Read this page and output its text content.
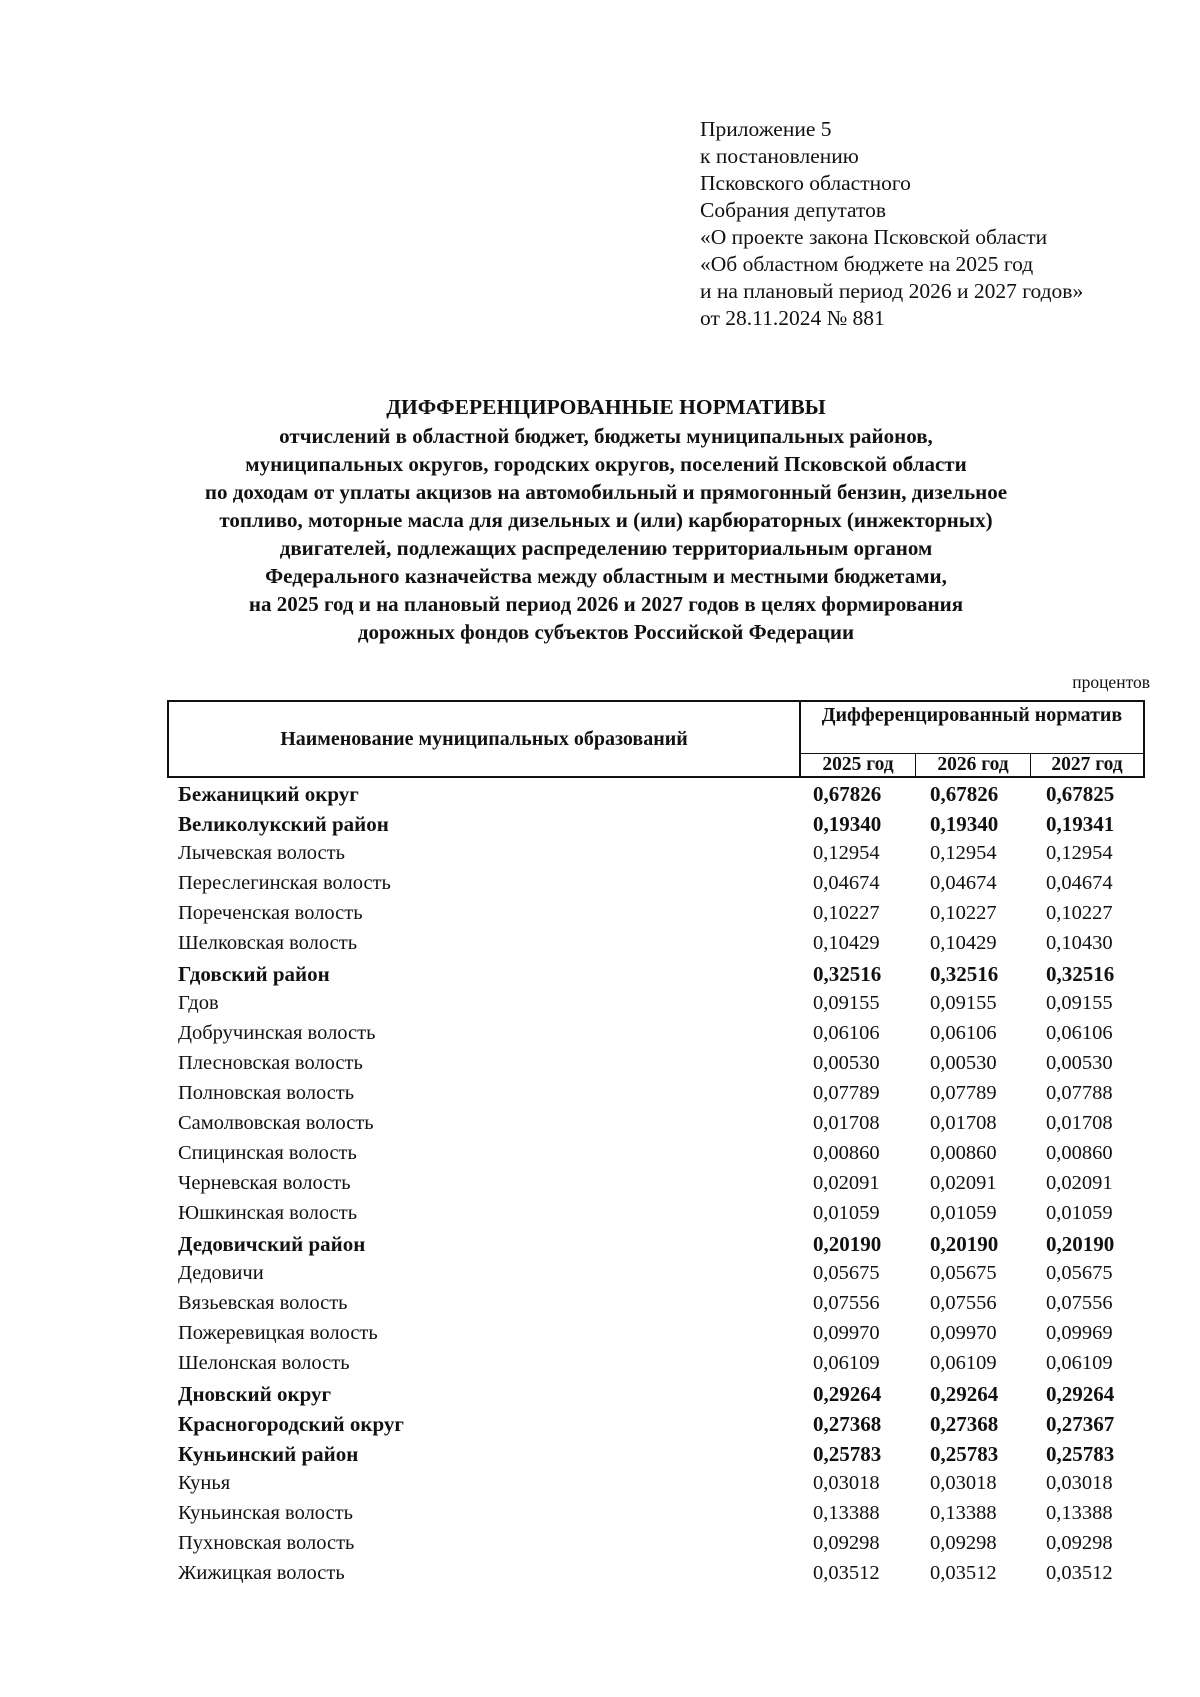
Приложение 5
к постановлению
Псковского областного
Собрания депутатов
«О проекте закона Псковской области
«Об областном бюджете на 2025 год
и на плановый период 2026 и 2027 годов»
от 28.11.2024 № 881
ДИФФЕРЕНЦИРОВАННЫЕ НОРМАТИВЫ
отчислений в областной бюджет, бюджеты муниципальных районов,
муниципальных округов, городских округов, поселений Псковской области
по доходам от уплаты акцизов на автомобильный и прямогонный бензин, дизельное
топливо, моторные масла для дизельных и (или) карбюраторных (инжекторных)
двигателей, подлежащих распределению территориальным органом
Федерального казначейства между областным и местными бюджетами,
на 2025 год и на плановый период 2026 и 2027 годов в целях формирования
дорожных фондов субъектов Российской Федерации
процентов
Наименование муниципальных образований
Дифференцированный норматив
2025 год	2026 год	2027 год
Бежаницкий округ	0,67826	0,67826	0,67825
Великолукский район	0,19340	0,19340	0,19341
Лычевская волость	0,12954	0,12954	0,12954
Переслегинская волость	0,04674	0,04674	0,04674
Пореченская волость	0,10227	0,10227	0,10227
Шелковская волость	0,10429	0,10429	0,10430
Гдовский район	0,32516	0,32516	0,32516
Гдов	0,09155	0,09155	0,09155
Добручинская волость	0,06106	0,06106	0,06106
Плесновская волость	0,00530	0,00530	0,00530
Полновская волость	0,07789	0,07789	0,07788
Самолвовская волость	0,01708	0,01708	0,01708
Спицинская волость	0,00860	0,00860	0,00860
Черневская волость	0,02091	0,02091	0,02091
Юшкинская волость	0,01059	0,01059	0,01059
Дедовичский район	0,20190	0,20190	0,20190
Дедовичи	0,05675	0,05675	0,05675
Вязьевская волость	0,07556	0,07556	0,07556
Пожеревицкая волость	0,09970	0,09970	0,09969
Шелонская волость	0,06109	0,06109	0,06109
Дновский округ	0,29264	0,29264	0,29264
Красногородский округ	0,27368	0,27368	0,27367
Куньинский район	0,25783	0,25783	0,25783
Кунья	0,03018	0,03018	0,03018
Куньинская волость	0,13388	0,13388	0,13388
Пухновская волость	0,09298	0,09298	0,09298
Жижицкая волость	0,03512	0,03512	0,03512
